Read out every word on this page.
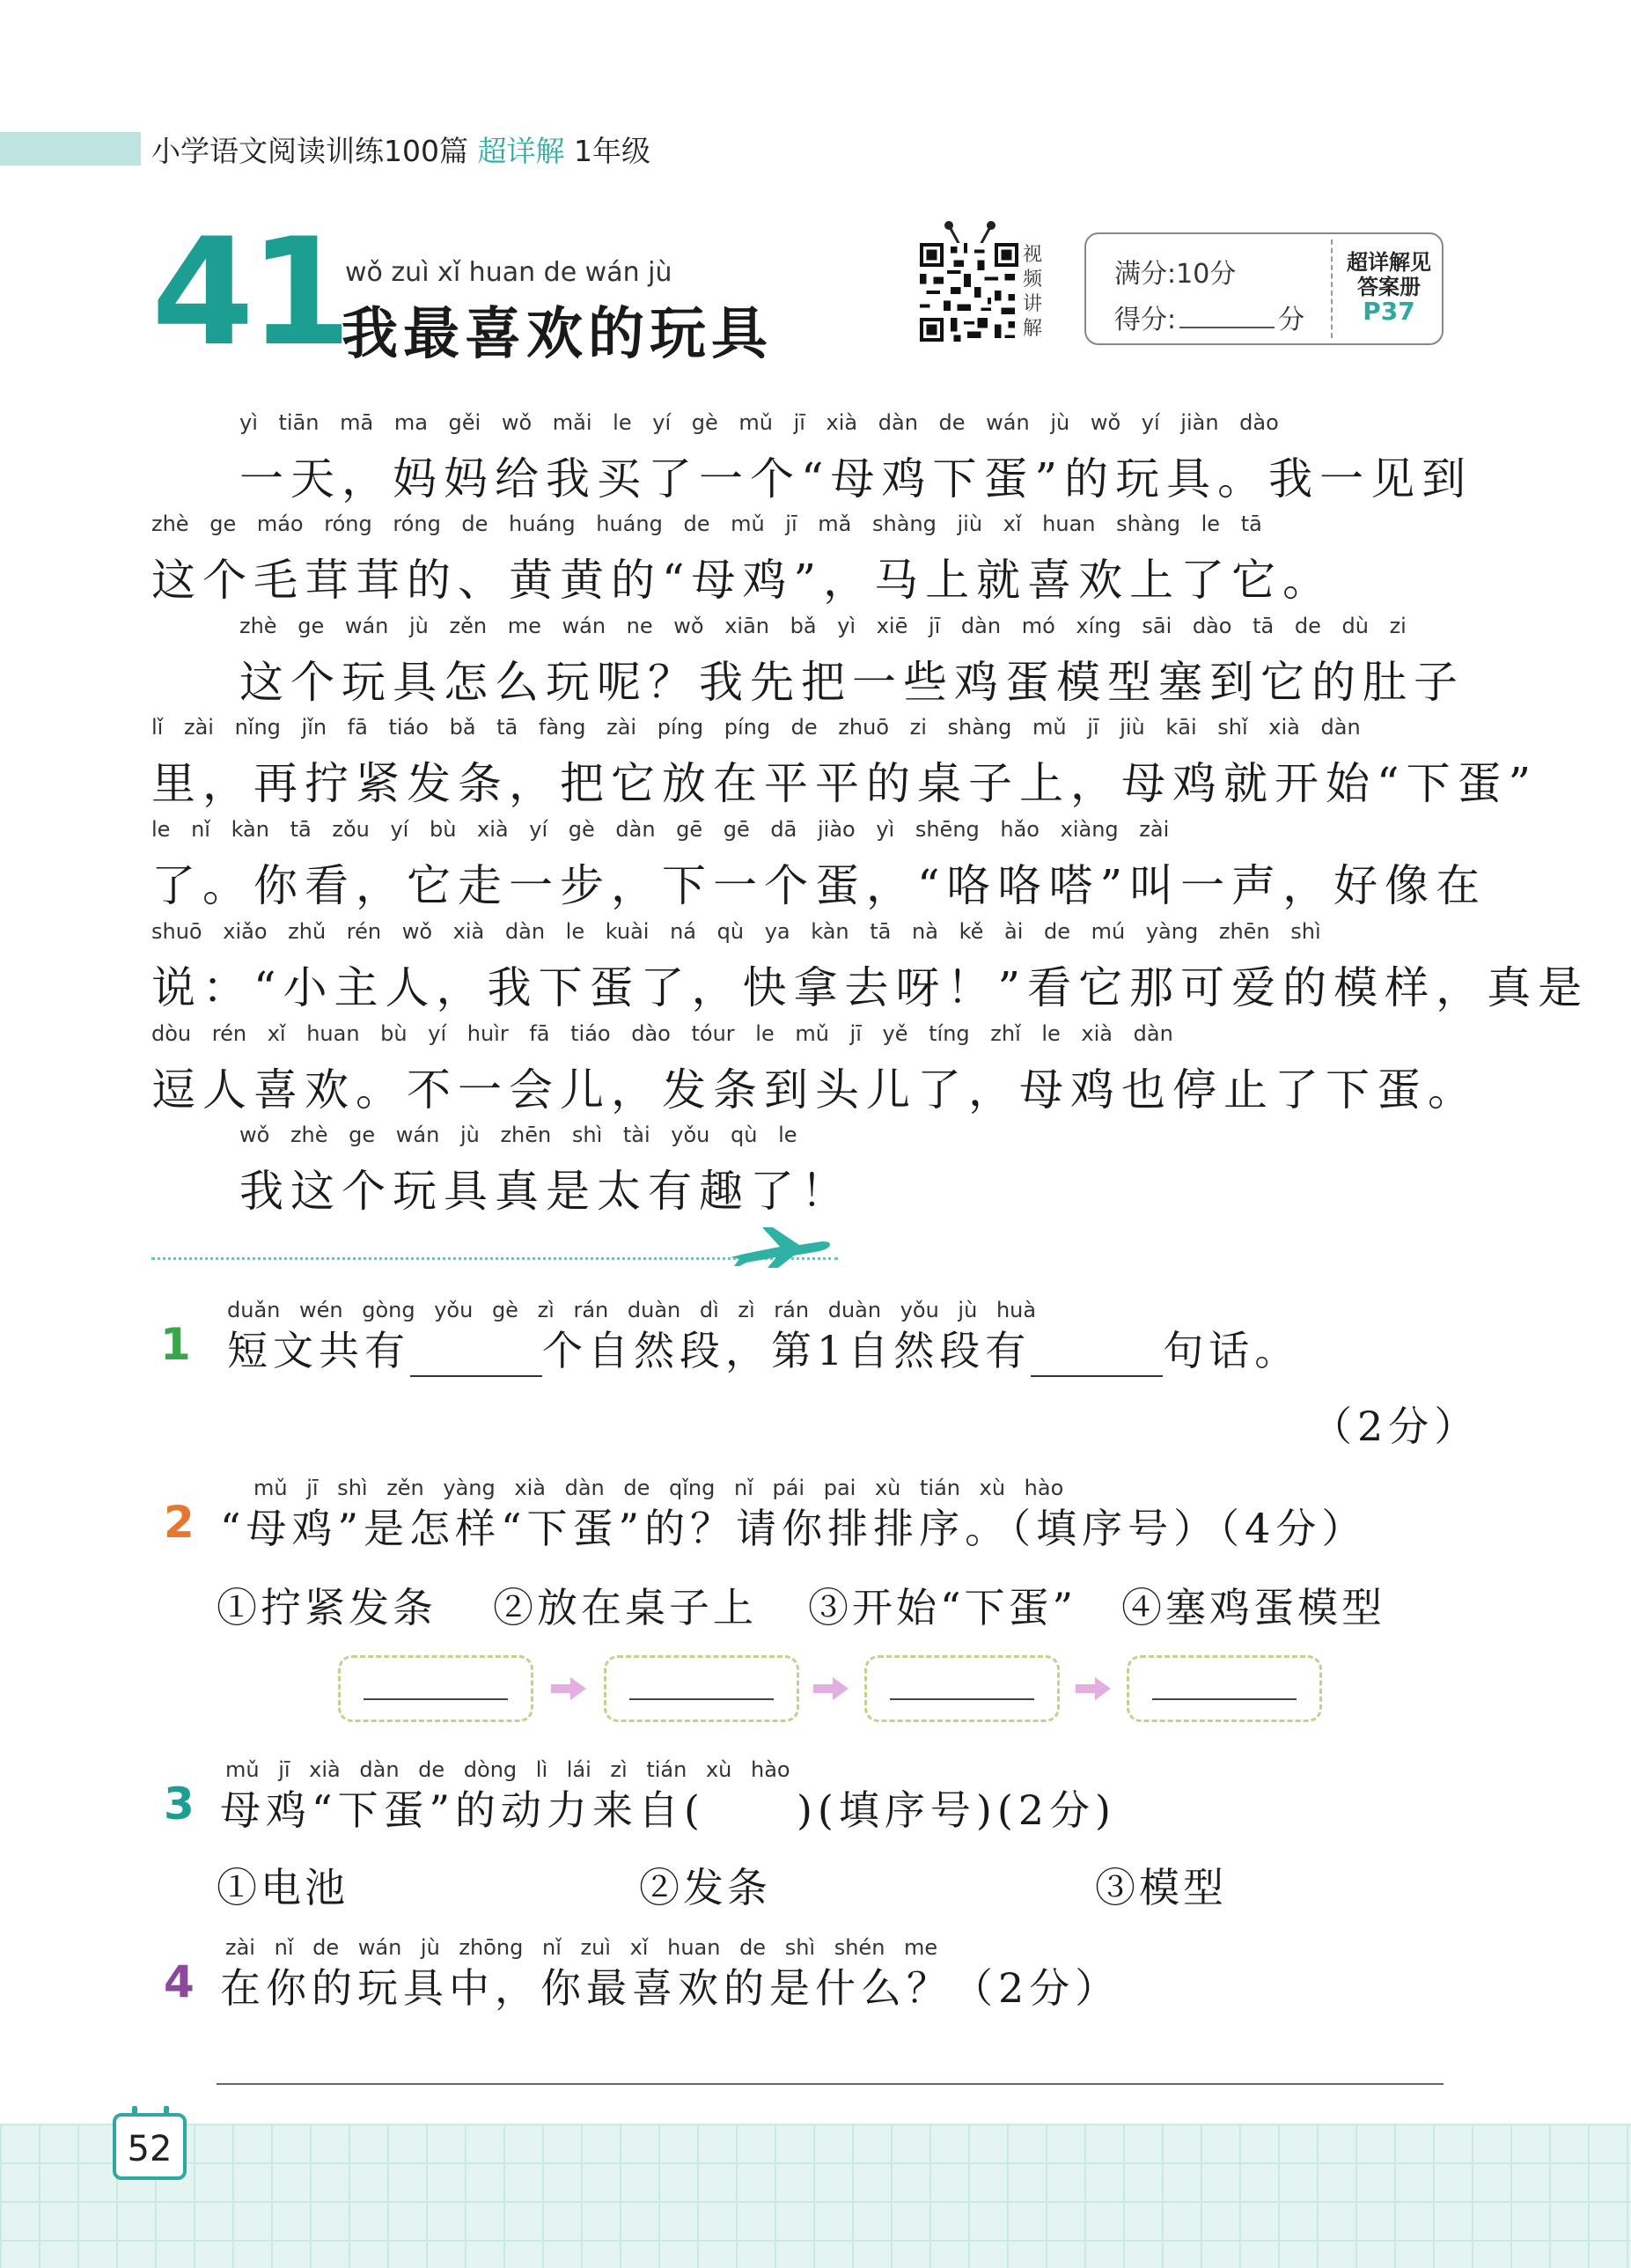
小学语文阅读训练100篇 超详解 1年级
41
wǒ zuì xǐ huan de wán jù
我最喜欢的玩具
视
频
讲
解
满分:10分
得分:	分
超详解见
答案册
P37
yì tiān mā ma gěi wǒ mǎi le yí gè mǔ jī xià dàn de wán jù wǒ yí jiàn dào
一天，妈妈给我买了一个“母鸡下蛋”的玩具。我一见到
zhè ge máo róng róng de huáng huáng de mǔ jī mǎ shàng jiù xǐ huan shàng le tā
这个毛茸茸的、黄黄的“母鸡”，马上就喜欢上了它。
zhè ge wán jù zěn me wán ne wǒ xiān bǎ yì xiē jī dàn mó xíng sāi dào tā de dù zi
这个玩具怎么玩呢？我先把一些鸡蛋模型塞到它的肚子
lǐ zài nǐng jǐn fā tiáo bǎ tā fàng zài píng píng de zhuō zi shàng mǔ jī jiù kāi shǐ xià dàn
里，再拧紧发条，把它放在平平的桌子上，母鸡就开始“下蛋”
le nǐ kàn tā zǒu yí bù xià yí gè dàn gē gē dā jiào yì shēng hǎo xiàng zài
了。你看，它走一步，下一个蛋，“咯咯嗒”叫一声，好像在
shuō xiǎo zhǔ rén wǒ xià dàn le kuài ná qù ya kàn tā nà kě ài de mú yàng zhēn shì
说：“小主人，我下蛋了，快拿去呀！”看它那可爱的模样，真是
dòu rén xǐ huan bù yí huìr fā tiáo dào tóur le mǔ jī yě tíng zhǐ le xià dàn
逗人喜欢。不一会儿，发条到头儿了，母鸡也停止了下蛋。
wǒ zhè ge wán jù zhēn shì tài yǒu qù le
我这个玩具真是太有趣了！
1
duǎn wén gòng yǒu gè zì rán duàn dì zì rán duàn yǒu jù huà
短文共有	个自然段，第1自然段有	句话。
（2分）
2
mǔ jī shì zěn yàng xià dàn de qǐng nǐ pái pai xù tián xù hào
“母鸡”是怎样“下蛋”的？请你排排序。（填序号）（4分）
①拧紧发条 ②放在桌子上 ③开始“下蛋” ④塞鸡蛋模型
3
mǔ jī xià dàn de dòng lì lái zì tián xù hào
母鸡“下蛋”的动力来自(　　)(填序号)(2分)
①电池	②发条	③模型
4
zài nǐ de wán jù zhōng nǐ zuì xǐ huan de shì shén me
在你的玩具中，你最喜欢的是什么？（2分）
52
